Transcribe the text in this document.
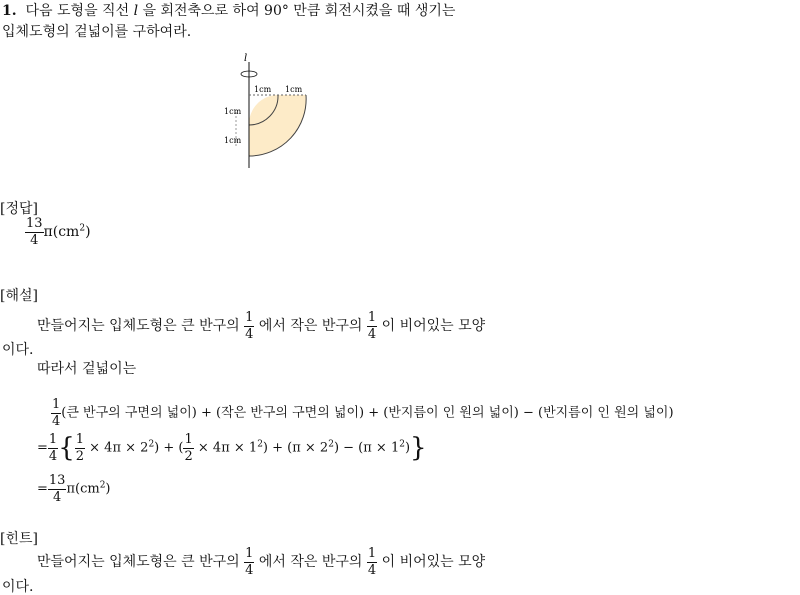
1. 다음 도형을 직선 l 을 회전축으로 하여 90° 만큼 회전시켰을 때 생기는
입체도형의 겉넓이를 구하여라.
l
1cm 1cm
1cm
1cm
[정답]
$\frac{13}{4} \pi(cm^2)$
[해설]
만들어지는 입체도형은 큰 반구의 $\frac{1}{4}$ 에서 작은 반구의 $\frac{1}{4}$ 이 비어있는 모양
이다.
따라서 겉넓이는
$\frac{1}{4}$ (큰 반구의 구면의 넓이) + (작은 반구의 구면의 넓이) + (반지름이 인 원의 넓이) − (반지름이 인 원의 넓이)
= $\frac{1}{4}$ { $\frac{1}{2} \times 4\pi \times 2^2$) + ( $\frac{1}{2} \times 4\pi \times 1^2) + (\pi \times 2^2) - (\pi \times 1^2)$}
= $\frac{13}{4} \pi(cm^2)$
[힌트]
만들어지는 입체도형은 큰 반구의 $\frac{1}{4}$ 에서 작은 반구의 $\frac{1}{4}$ 이 비어있는 모양
이다.
